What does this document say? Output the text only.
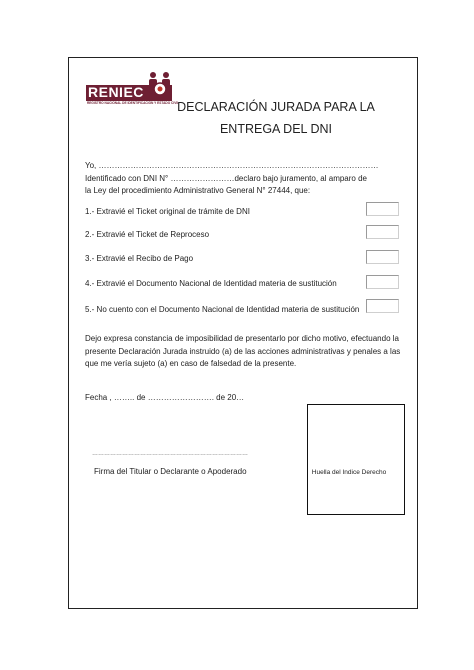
RENIEC
REGISTRO NACIONAL DE IDENTIFICACIÓN Y ESTADO CIVIL
DECLARACIÓN JURADA PARA LA
ENTREGA DEL DNI
Yo, ……………………………………………………………………………………………
Identificado con DNI N° ……………………declaro bajo juramento, al amparo de
la Ley del procedimiento Administrativo General N° 27444, que:
1.- Extravié el Ticket original de trámite de DNI
2.- Extravié el Ticket de Reproceso
3.- Extravié el Recibo de Pago
4.- Extravié el Documento Nacional de Identidad materia de sustitución
5.- No cuento con el Documento Nacional de Identidad materia de sustitución
Dejo expresa constancia de imposibilidad de presentarlo por dicho motivo, efectuando la
presente Declaración Jurada instruido (a) de las acciones administrativas y penales a las
que me vería sujeto (a) en caso de falsedad de la presente.
Fecha , …….. de ……………………. de 20…
……………………………………………………………………
Firma del Titular o Declarante o Apoderado	Huella del Indice Derecho
